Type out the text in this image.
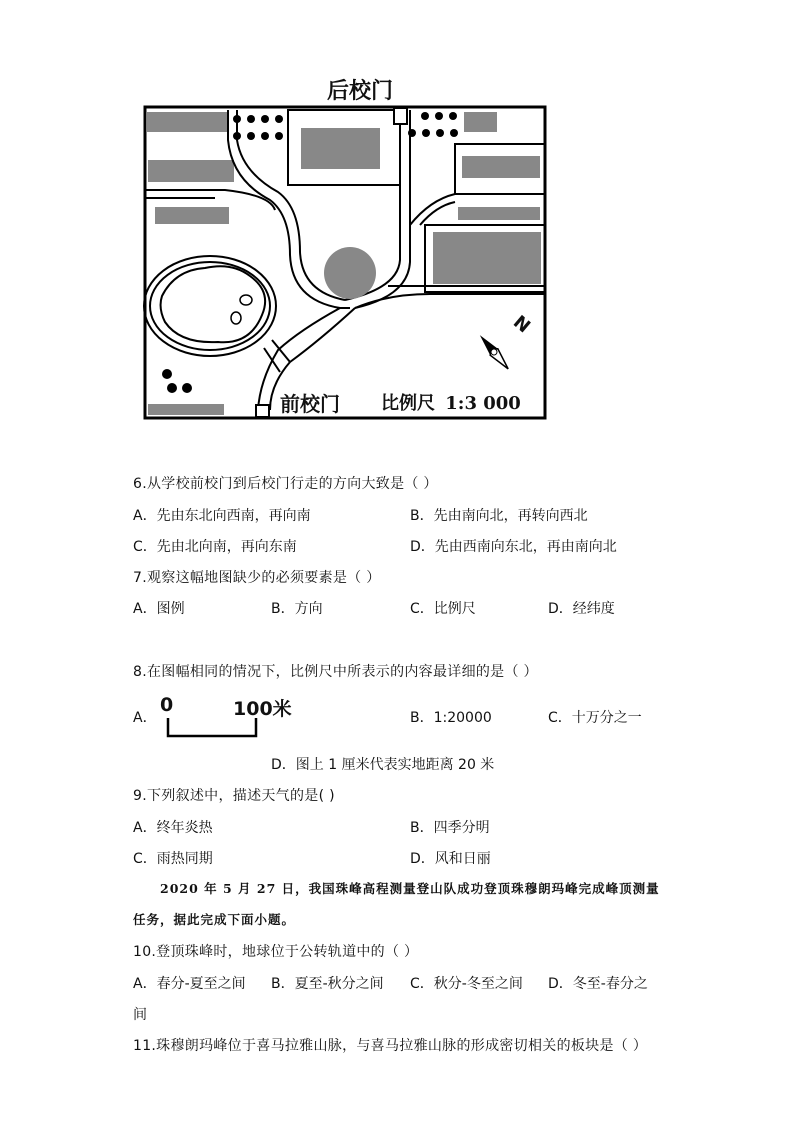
后校门
N
前校门 比例尺 1:3 000
6.从学校前校门到后校门行走的方向大致是（ ）
A．先由东北向西南，再向南	B．先由南向北，再转向西北
C．先由北向南，再向东南	D．先由西南向东北，再由南向北
7.观察这幅地图缺少的必须要素是（ ）
A．图例	B．方向	C．比例尺	D．经纬度
8.在图幅相同的情况下，比例尺中所表示的内容最详细的是（ ）
A．
0	100米	B．1:20000	C．十万分之一
D．图上 1 厘米代表实地距离 20 米
9.下列叙述中，描述天气的是( )
A．终年炎热	B．四季分明
C．雨热同期	D．风和日丽
2020 年 5 月 27 日，我国珠峰高程测量登山队成功登顶珠穆朗玛峰完成峰顶测量
任务，据此完成下面小题。
10.登顶珠峰时，地球位于公转轨道中的（ ）
A．春分-夏至之间 B．夏至-秋分之间 C．秋分-冬至之间 D．冬至-春分之
间
11.珠穆朗玛峰位于喜马拉雅山脉，与喜马拉雅山脉的形成密切相关的板块是（ ）
